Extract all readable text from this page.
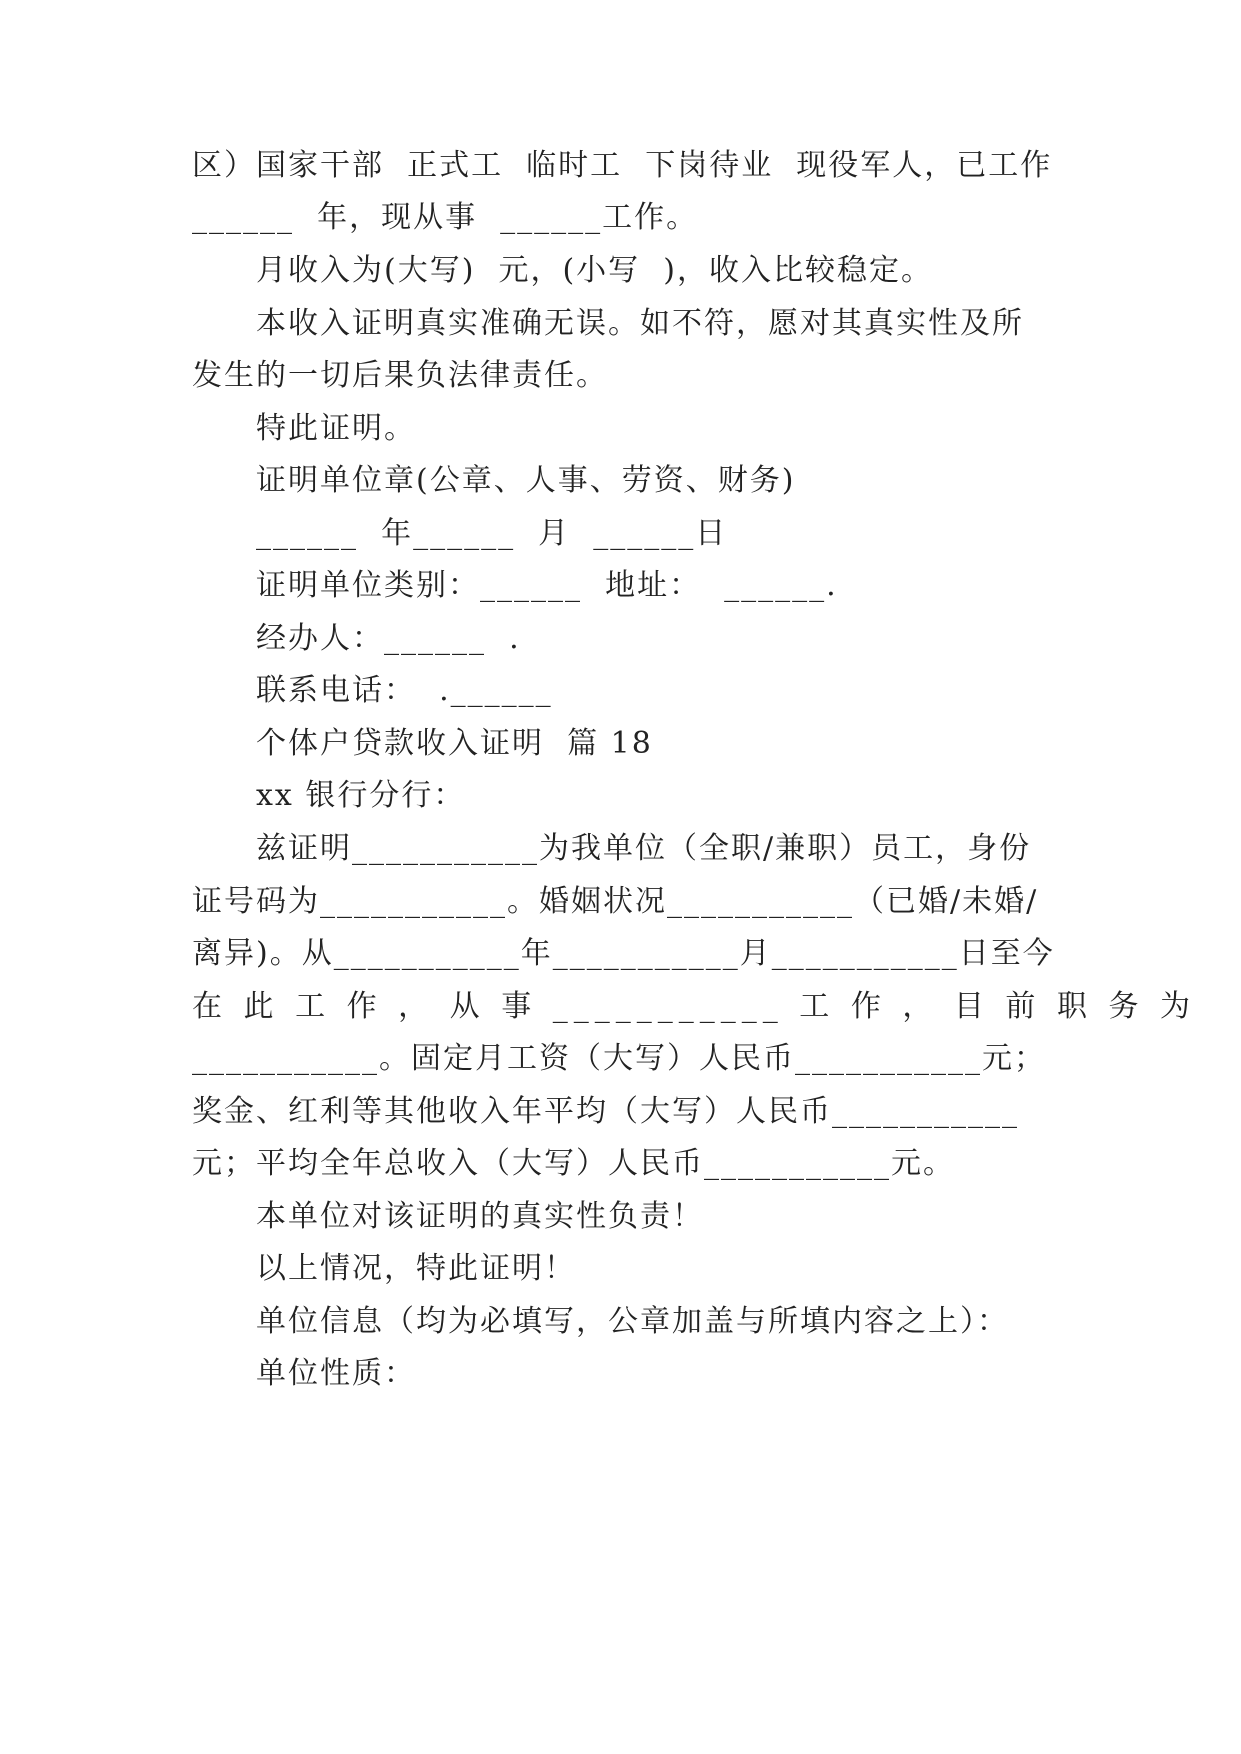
区）国家干部  正式工  临时工  下岗待业  现役军人，已工作
______  年，现从事  ______工作。
月收入为(大写)  元，(小写  )，收入比较稳定。
本收入证明真实准确无误。如不符，愿对其真实性及所
发生的一切后果负法律责任。
特此证明。
证明单位章(公章、人事、劳资、财务)
______  年______  月  ______日
证明单位类别：______  地址：  ______.
经办人：______  .
联系电话：  .______
个体户贷款收入证明  篇 18
xx 银行分行：
兹证明___________为我单位（全职/兼职）员工，身份
证号码为___________。婚姻状况___________（已婚/未婚/
离异)。从___________年___________月___________日至今
在 此 工 作 ， 从 事 ___________ 工 作 ， 目 前 职 务 为
___________。固定月工资（大写）人民币___________元；
奖金、红利等其他收入年平均（大写）人民币___________
元；平均全年总收入（大写）人民币___________元。
本单位对该证明的真实性负责！
以上情况，特此证明！
单位信息（均为必填写，公章加盖与所填内容之上）：
单位性质：
